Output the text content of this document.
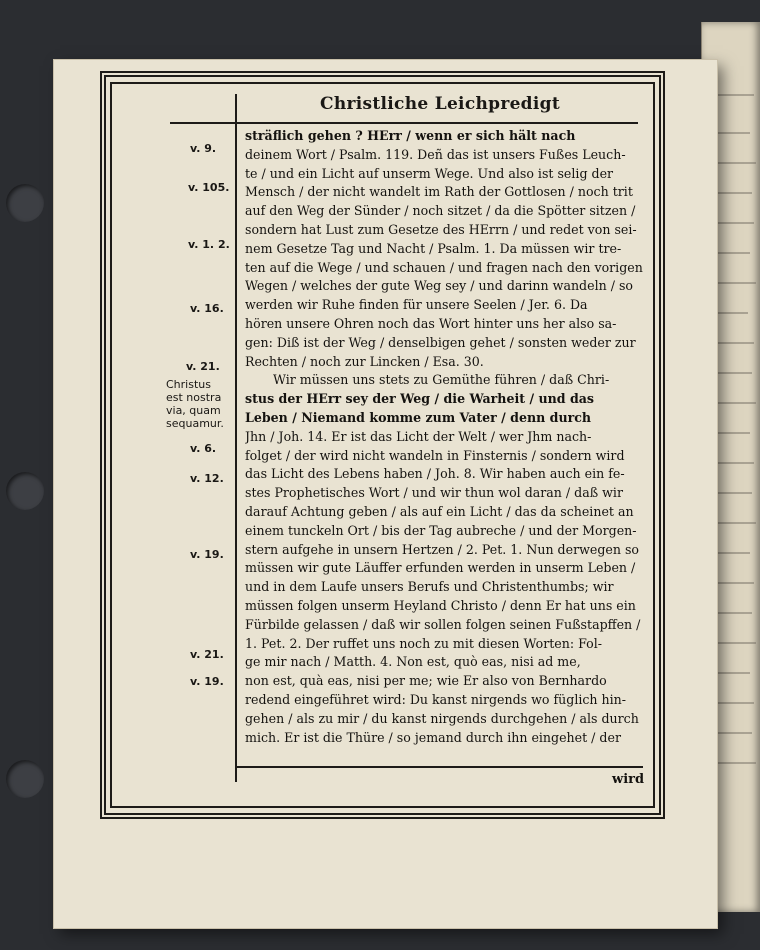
Christliche Leichpredigt
v. 9.
v. 105.
v. 1. 2.
v. 16.
v. 21.
Christus
est nostra
via, quam
sequamur.
v. 6.
v. 12.
v. 19.
v. 21.
v. 19.
sträflich gehen ? HErr / wenn er sich hält nach
deinem Wort / Psalm. 119. Deñ das ist unsers Fußes Leuch-
te / und ein Licht auf unserm Wege. Und also ist selig der
Mensch / der nicht wandelt im Rath der Gottlosen / noch trit
auf den Weg der Sünder / noch sitzet / da die Spötter sitzen /
sondern hat Lust zum Gesetze des HErrn / und redet von sei-
nem Gesetze Tag und Nacht / Psalm. 1. Da müssen wir tre-
ten auf die Wege / und schauen / und fragen nach den vorigen
Wegen / welches der gute Weg sey / und darinn wandeln / so
werden wir Ruhe finden für unsere Seelen / Jer. 6. Da
hören unsere Ohren noch das Wort hinter uns her also sa-
gen: Diß ist der Weg / denselbigen gehet / sonsten weder zur
Rechten / noch zur Lincken / Esa. 30.
Wir müssen uns stets zu Gemüthe führen / daß Chri-
stus der HErr sey der Weg / die Warheit / und das
Leben / Niemand komme zum Vater / denn durch
Jhn / Joh. 14. Er ist das Licht der Welt / wer Jhm nach-
folget / der wird nicht wandeln in Finsternis / sondern wird
das Licht des Lebens haben / Joh. 8. Wir haben auch ein fe-
stes Prophetisches Wort / und wir thun wol daran / daß wir
darauf Achtung geben / als auf ein Licht / das da scheinet an
einem tunckeln Ort / bis der Tag aubreche / und der Morgen-
stern aufgehe in unsern Hertzen / 2. Pet. 1. Nun derwegen so
müssen wir gute Läuffer erfunden werden in unserm Leben /
und in dem Laufe unsers Berufs und Christenthumbs; wir
müssen folgen unserm Heyland Christo / denn Er hat uns ein
Fürbilde gelassen / daß wir sollen folgen seinen Fußstapffen /
1. Pet. 2. Der ruffet uns noch zu mit diesen Worten: Fol-
ge mir nach / Matth. 4. Non est, quò eas, nisi ad me,
non est, quà eas, nisi per me; wie Er also von Bernhardo
redend eingeführet wird: Du kanst nirgends wo füglich hin-
gehen / als zu mir / du kanst nirgends durchgehen / als durch
mich. Er ist die Thüre / so jemand durch ihn eingehet / der
wird
